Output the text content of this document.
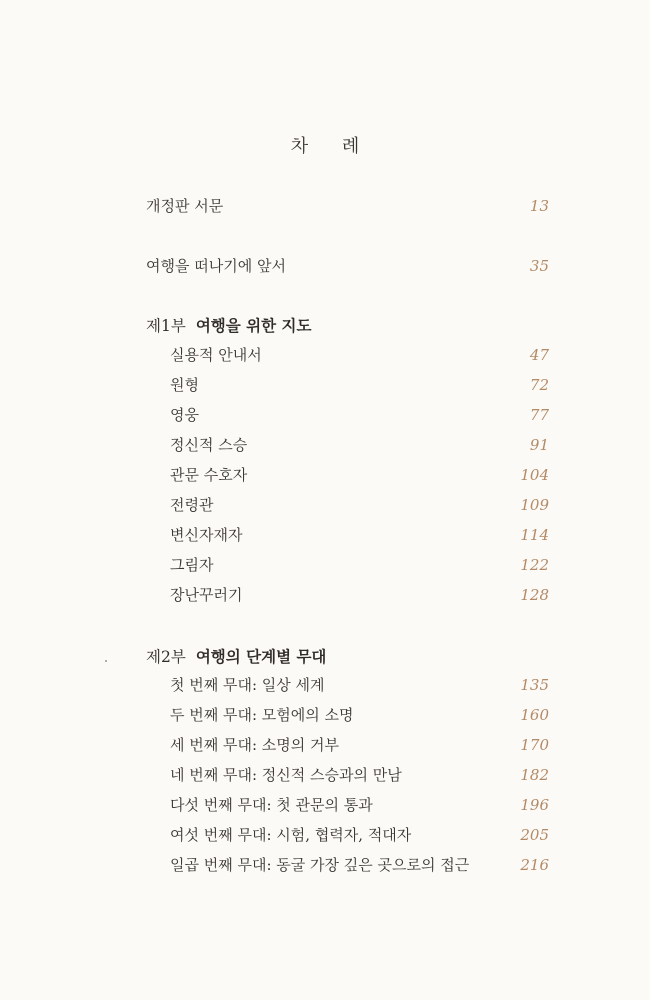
차 례
개정판 서문	13
여행을 떠나기에 앞서	35
제1부 여행을 위한 지도
실용적 안내서	47
원형	72
영웅	77
정신적 스승	91
관문 수호자	104
전령관	109
변신자재자	114
그림자	122
장난꾸러기	128
제2부 여행의 단계별 무대
첫 번째 무대: 일상 세계	135
두 번째 무대: 모험에의 소명	160
세 번째 무대: 소명의 거부	170
네 번째 무대: 정신적 스승과의 만남	182
다섯 번째 무대: 첫 관문의 통과	196
여섯 번째 무대: 시험, 협력자, 적대자	205
일곱 번째 무대: 동굴 가장 깊은 곳으로의 접근	216
